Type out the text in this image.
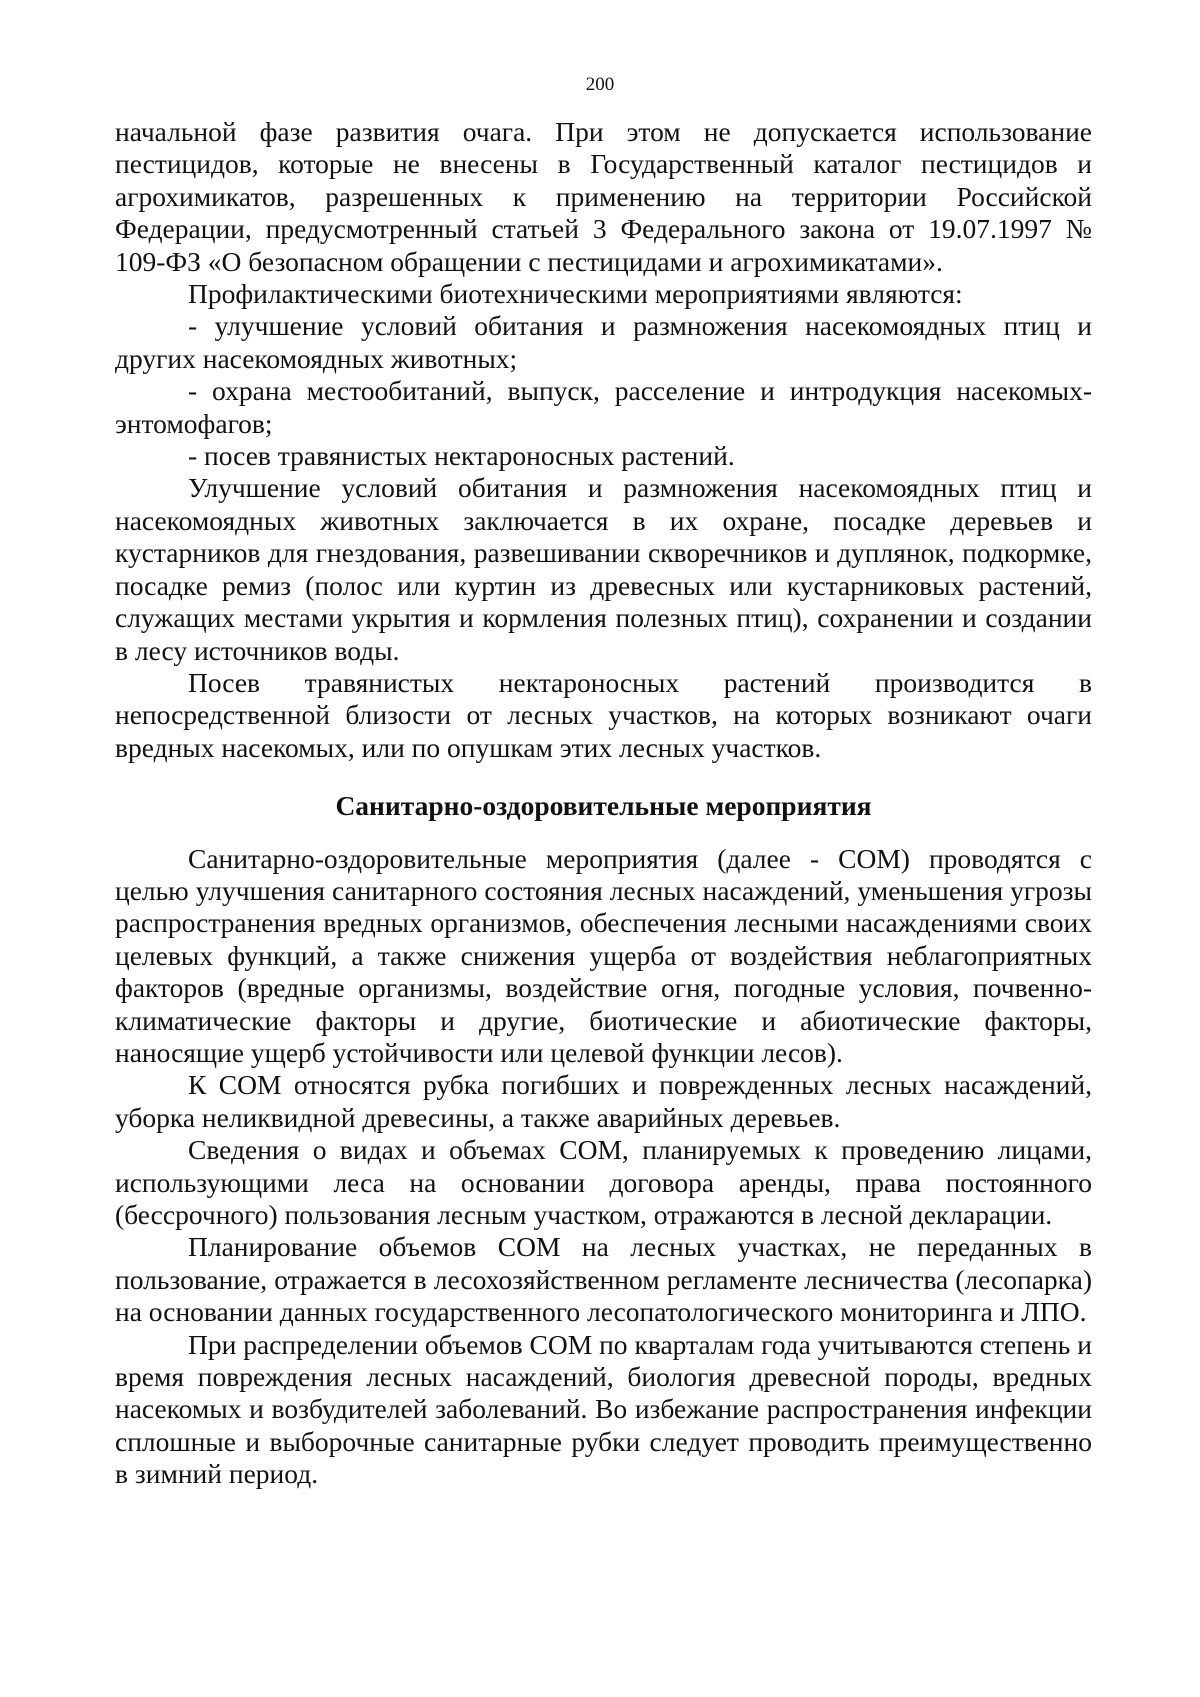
200

начальной фазе развития очага. При этом не допускается использование пестицидов, которые не внесены в Государственный каталог пестицидов и агрохимикатов, разрешенных к применению на территории Российской Федерации, предусмотренный статьей 3 Федерального закона от 19.07.1997 № 109-ФЗ «О безопасном обращении с пестицидами и агрохимикатами».

Профилактическими биотехническими мероприятиями являются:

- улучшение условий обитания и размножения насекомоядных птиц и других насекомоядных животных;

- охрана местообитаний, выпуск, расселение и интродукция насекомых-энтомофагов;

- посев травянистых нектароносных растений.

Улучшение условий обитания и размножения насекомоядных птиц и насекомоядных животных заключается в их охране, посадке деревьев и кустарников для гнездования, развешивании скворечников и дуплянок, подкормке, посадке ремиз (полос или куртин из древесных или кустарниковых растений, служащих местами укрытия и кормления полезных птиц), сохранении и создании в лесу источников воды.

Посев травянистых нектароносных растений производится в непосредственной близости от лесных участков, на которых возникают очаги вредных насекомых, или по опушкам этих лесных участков.

Санитарно-оздоровительные мероприятия

Санитарно-оздоровительные мероприятия (далее - СОМ) проводятся с целью улучшения санитарного состояния лесных насаждений, уменьшения угрозы распространения вредных организмов, обеспечения лесными насаждениями своих целевых функций, а также снижения ущерба от воздействия неблагоприятных факторов (вредные организмы, воздействие огня, погодные условия, почвенно-климатические факторы и другие, биотические и абиотические факторы, наносящие ущерб устойчивости или целевой функции лесов).

К СОМ относятся рубка погибших и поврежденных лесных насаждений, уборка неликвидной древесины, а также аварийных деревьев.

Сведения о видах и объемах СОМ, планируемых к проведению лицами, использующими леса на основании договора аренды, права постоянного (бессрочного) пользования лесным участком, отражаются в лесной декларации.

Планирование объемов СОМ на лесных участках, не переданных в пользование, отражается в лесохозяйственном регламенте лесничества (лесопарка) на основании данных государственного лесопатологического мониторинга и ЛПО.

При распределении объемов СОМ по кварталам года учитываются степень и время повреждения лесных насаждений, биология древесной породы, вредных насекомых и возбудителей заболеваний. Во избежание распространения инфекции сплошные и выборочные санитарные рубки следует проводить преимущественно в зимний период.
